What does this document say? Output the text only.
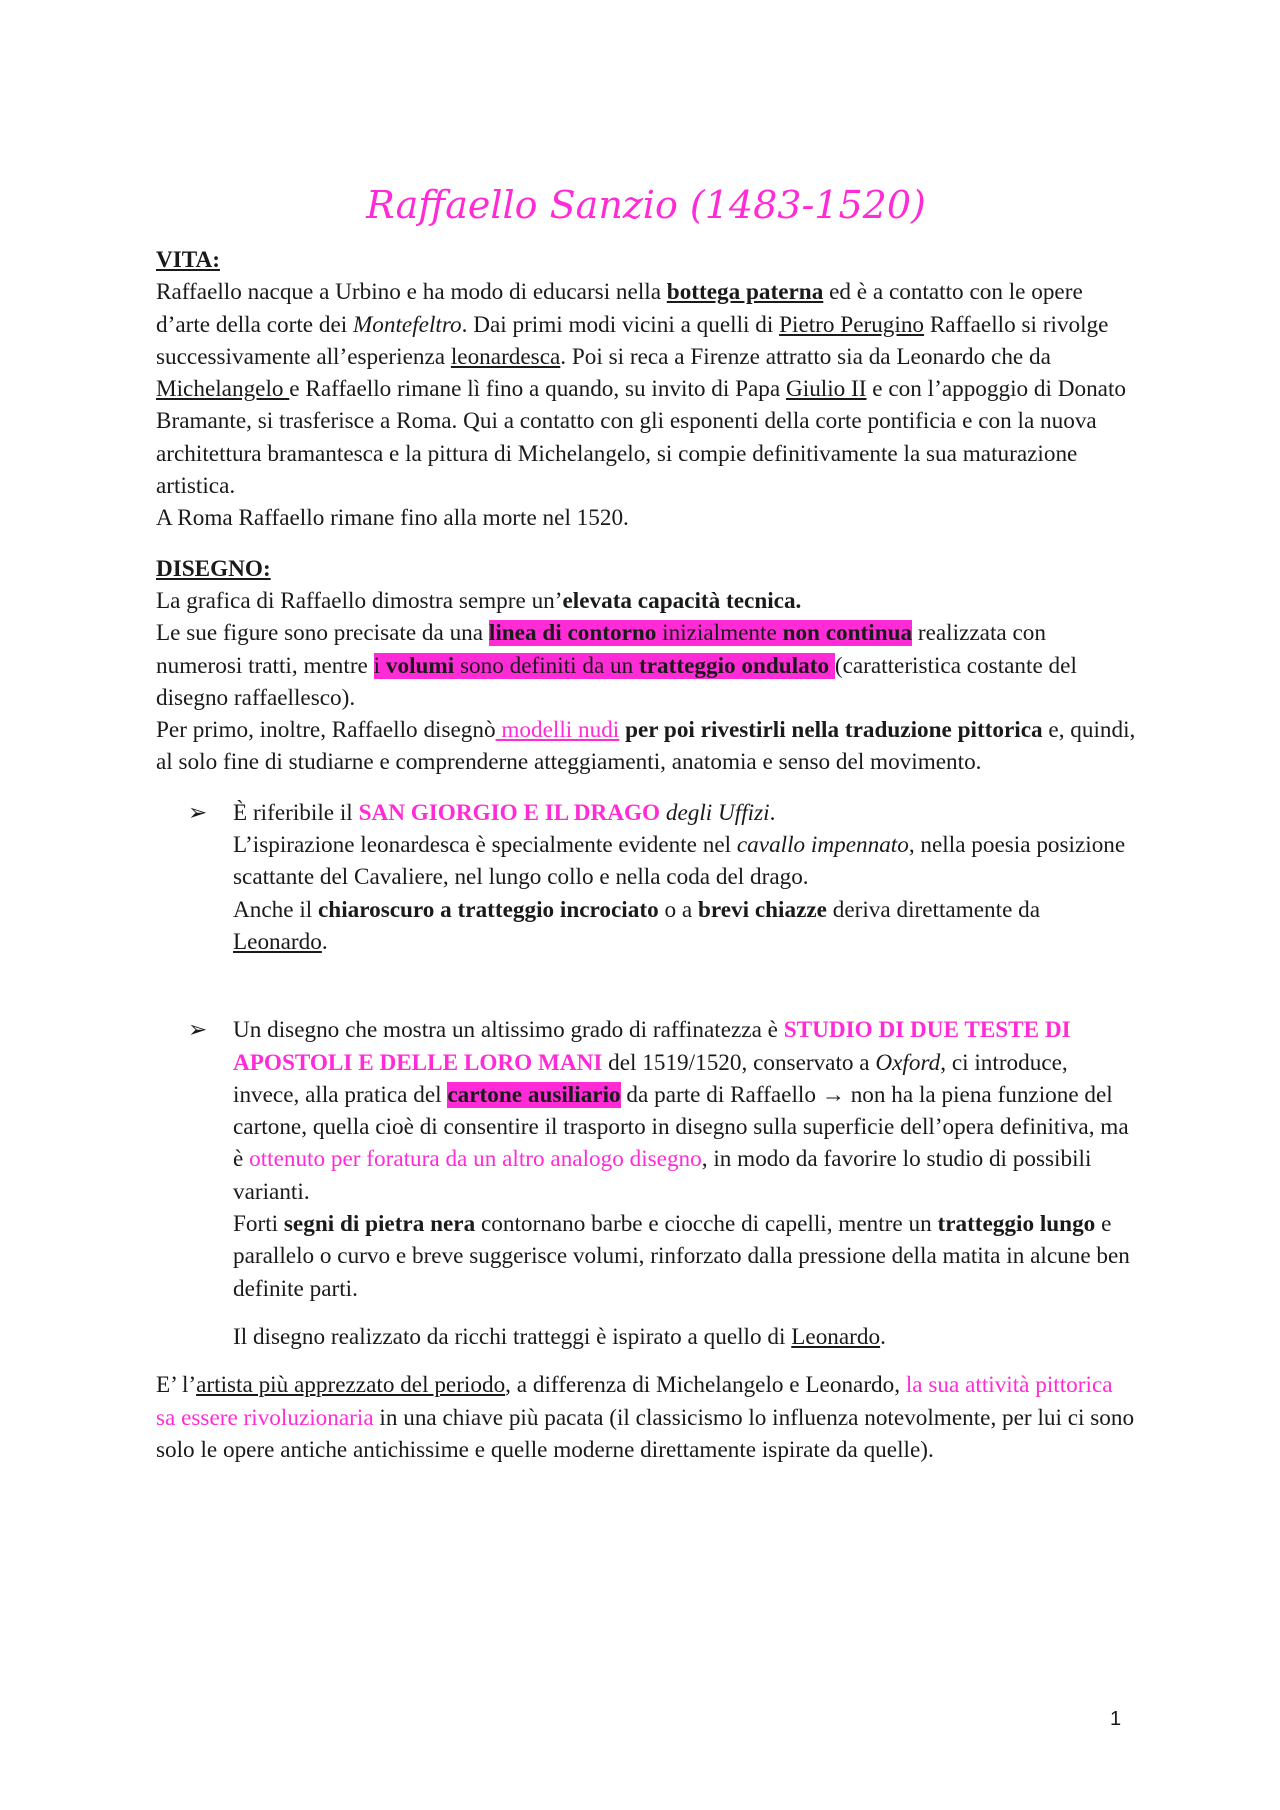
Raffaello Sanzio (1483-1520)
VITA:

Raffaello nacque a Urbino e ha modo di educarsi nella bottega paterna ed è a contatto con le opere d’arte della corte dei Montefeltro. Dai primi modi vicini a quelli di Pietro Perugino Raffaello si rivolge successivamente all’esperienza leonardesca. Poi si reca a Firenze attratto sia da Leonardo che da Michelangelo e Raffaello rimane lì fino a quando, su invito di Papa Giulio II e con l’appoggio di Donato Bramante, si trasferisce a Roma. Qui a contatto con gli esponenti della corte pontificia e con la nuova architettura bramantesca e la pittura di Michelangelo, si compie definitivamente la sua maturazione artistica.

A Roma Raffaello rimane fino alla morte nel 1520.

DISEGNO:

La grafica di Raffaello dimostra sempre un’elevata capacità tecnica.

Le sue figure sono precisate da una linea di contorno inizialmente non continua realizzata con numerosi tratti, mentre i volumi sono definiti da un tratteggio ondulato (caratteristica costante del disegno raffaellesco).

Per primo, inoltre, Raffaello disegnò modelli nudi per poi rivestirli nella traduzione pittorica e, quindi, al solo fine di studiarne e comprenderne atteggiamenti, anatomia e senso del movimento.

➢ È riferibile il SAN GIORGIO E IL DRAGO degli Uffizi.

L’ispirazione leonardesca è specialmente evidente nel cavallo impennato, nella poesia posizione scattante del Cavaliere, nel lungo collo e nella coda del drago.

Anche il chiaroscuro a tratteggio incrociato o a brevi chiazze deriva direttamente da Leonardo.

➢ Un disegno che mostra un altissimo grado di raffinatezza è STUDIO DI DUE TESTE DI APOSTOLI E DELLE LORO MANI del 1519/1520, conservato a Oxford, ci introduce, invece, alla pratica del cartone ausiliario da parte di Raffaello → non ha la piena funzione del cartone, quella cioè di consentire il trasporto in disegno sulla superficie dell’opera definitiva, ma è ottenuto per foratura da un altro analogo disegno, in modo da favorire lo studio di possibili varianti.

Forti segni di pietra nera contornano barbe e ciocche di capelli, mentre un tratteggio lungo e parallelo o curvo e breve suggerisce volumi, rinforzato dalla pressione della matita in alcune ben definite parti.

Il disegno realizzato da ricchi tratteggi è ispirato a quello di Leonardo.

E’ l’artista più apprezzato del periodo, a differenza di Michelangelo e Leonardo, la sua attività pittorica sa essere rivoluzionaria in una chiave più pacata (il classicismo lo influenza notevolmente, per lui ci sono solo le opere antiche antichissime e quelle moderne direttamente ispirate da quelle).

1
